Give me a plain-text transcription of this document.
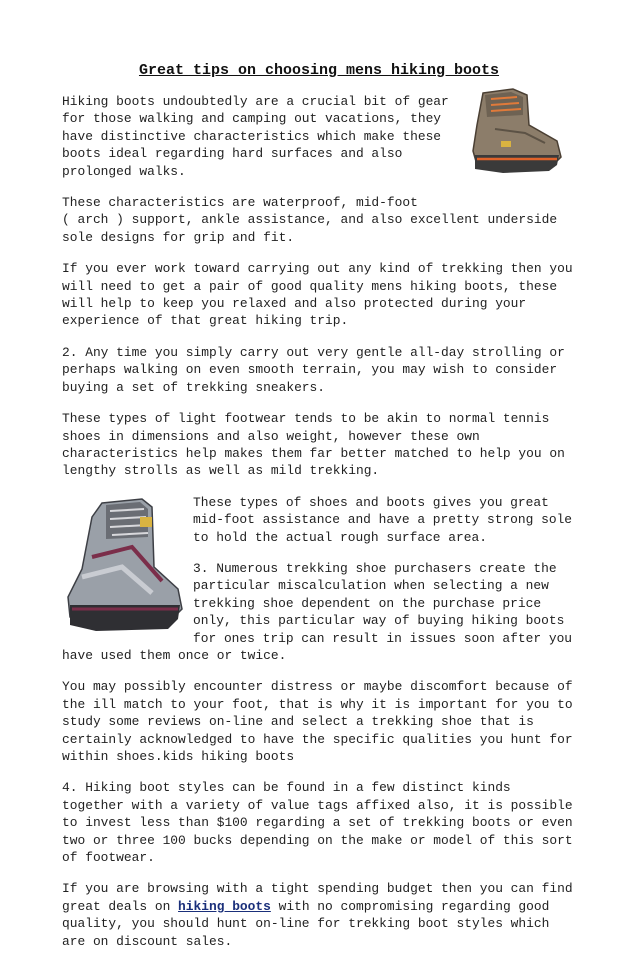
Great tips on choosing mens hiking boots

Hiking boots undoubtedly are a crucial bit of gear
for those walking and camping out vacations, they
have distinctive characteristics which make these
boots ideal regarding hard surfaces and also
prolonged walks.

These characteristics are waterproof, mid-foot
( arch ) support, ankle assistance, and also excellent underside
sole designs for grip and fit.

If you ever work toward carrying out any kind of trekking then you
will need to get a pair of good quality mens hiking boots, these
will help to keep you relaxed and also protected during your
experience of that great hiking trip.

2. Any time you simply carry out very gentle all-day strolling or
perhaps walking on even smooth terrain, you may wish to consider
buying a set of trekking sneakers.

These types of light footwear tends to be akin to normal tennis
shoes in dimensions and also weight, however these own
characteristics help makes them far better matched to help you on
lengthy strolls as well as mild trekking.

These types of shoes and boots gives you great
mid-foot assistance and have a pretty strong sole
to hold the actual rough surface area.
3. Numerous trekking shoe purchasers create the
particular miscalculation when selecting a new
trekking shoe dependent on the purchase price
only, this particular way of buying hiking boots
for ones trip can result in issues soon after you
have used them once or twice.

You may possibly encounter distress or maybe discomfort because of
the ill match to your foot, that is why it is important for you to
study some reviews on-line and select a trekking shoe that is
certainly acknowledged to have the specific qualities you hunt for
within shoes.kids hiking boots

4. Hiking boot styles can be found in a few distinct kinds
together with a variety of value tags affixed also, it is possible
to invest less than $100 regarding a set of trekking boots or even
two or three 100 bucks depending on the make or model of this sort
of footwear.

If you are browsing with a tight spending budget then you can find
great deals on hiking boots with no compromising regarding good
quality, you should hunt on-line for trekking boot styles which
are on discount sales.
